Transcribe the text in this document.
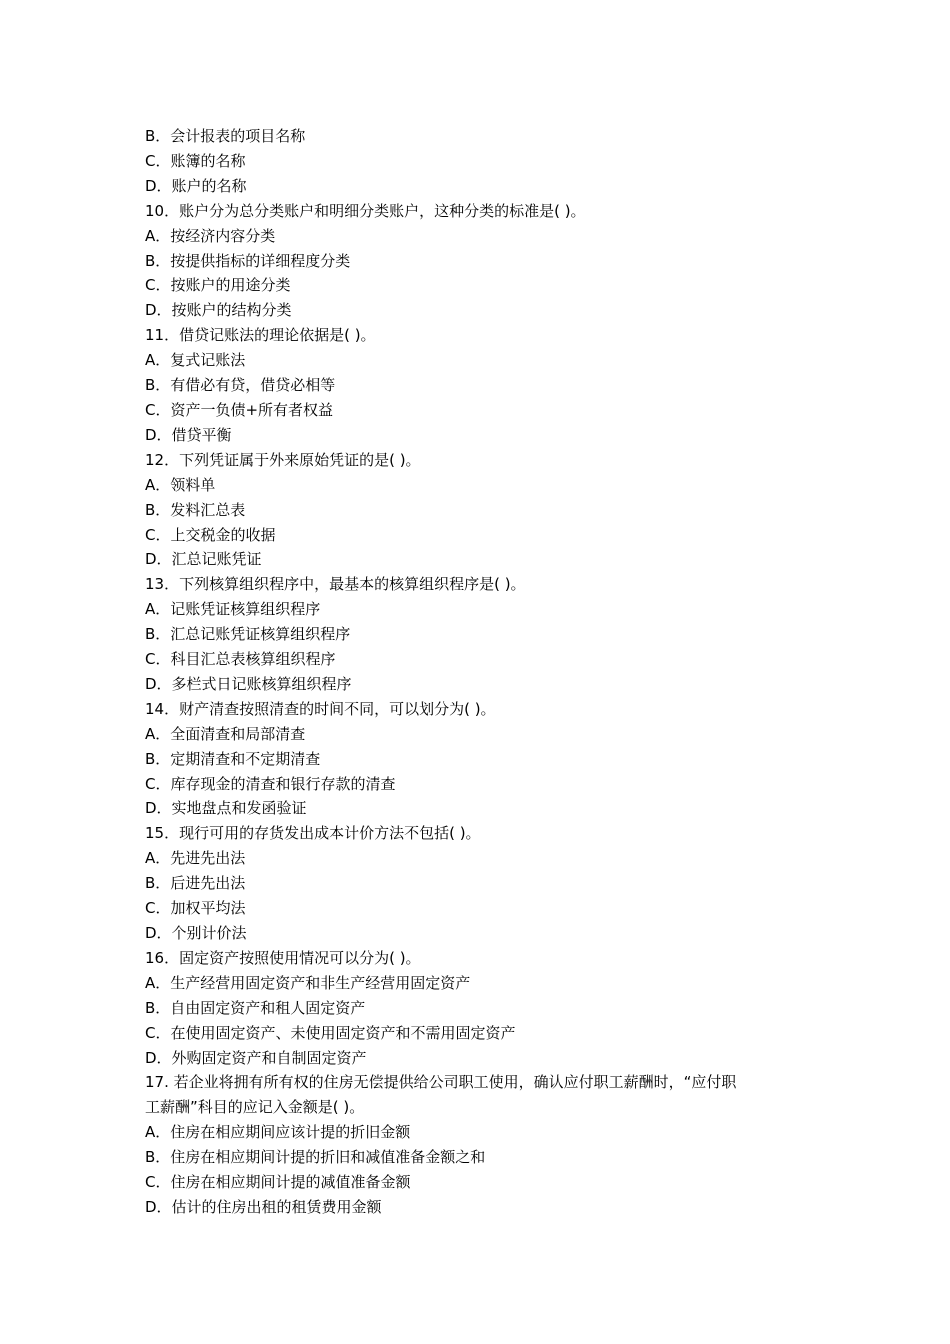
B．会计报表的项目名称
C．账簿的名称
D．账户的名称
10．账户分为总分类账户和明细分类账户，这种分类的标准是( )。
A．按经济内容分类
B．按提供指标的详细程度分类
C．按账户的用途分类
D．按账户的结构分类
11．借贷记账法的理论依据是( )。
A．复式记账法
B．有借必有贷，借贷必相等
C．资产一负债+所有者权益
D．借贷平衡
12．下列凭证属于外来原始凭证的是( )。
A．领料单
B．发料汇总表
C．上交税金的收据
D．汇总记账凭证
13．下列核算组织程序中，最基本的核算组织程序是( )。
A．记账凭证核算组织程序
B．汇总记账凭证核算组织程序
C．科目汇总表核算组织程序
D．多栏式日记账核算组织程序
14．财产清查按照清查的时间不同，可以划分为( )。
A．全面清查和局部清查
B．定期清查和不定期清查
C．库存现金的清查和银行存款的清查
D．实地盘点和发函验证
15．现行可用的存货发出成本计价方法不包括( )。
A．先进先出法
B．后进先出法
C．加权平均法
D．个别计价法
16．固定资产按照使用情况可以分为( )。
A．生产经营用固定资产和非生产经营用固定资产
B．自由固定资产和租人固定资产
C．在使用固定资产、未使用固定资产和不需用固定资产
D．外购固定资产和自制固定资产
17. 若企业将拥有所有权的住房无偿提供给公司职工使用，确认应付职工薪酬时，“应付职
工薪酬”科目的应记入金额是( )。
A．住房在相应期间应该计提的折旧金额
B．住房在相应期间计提的折旧和减值准备金额之和
C．住房在相应期间计提的减值准备金额
D．估计的住房出租的租赁费用金额
